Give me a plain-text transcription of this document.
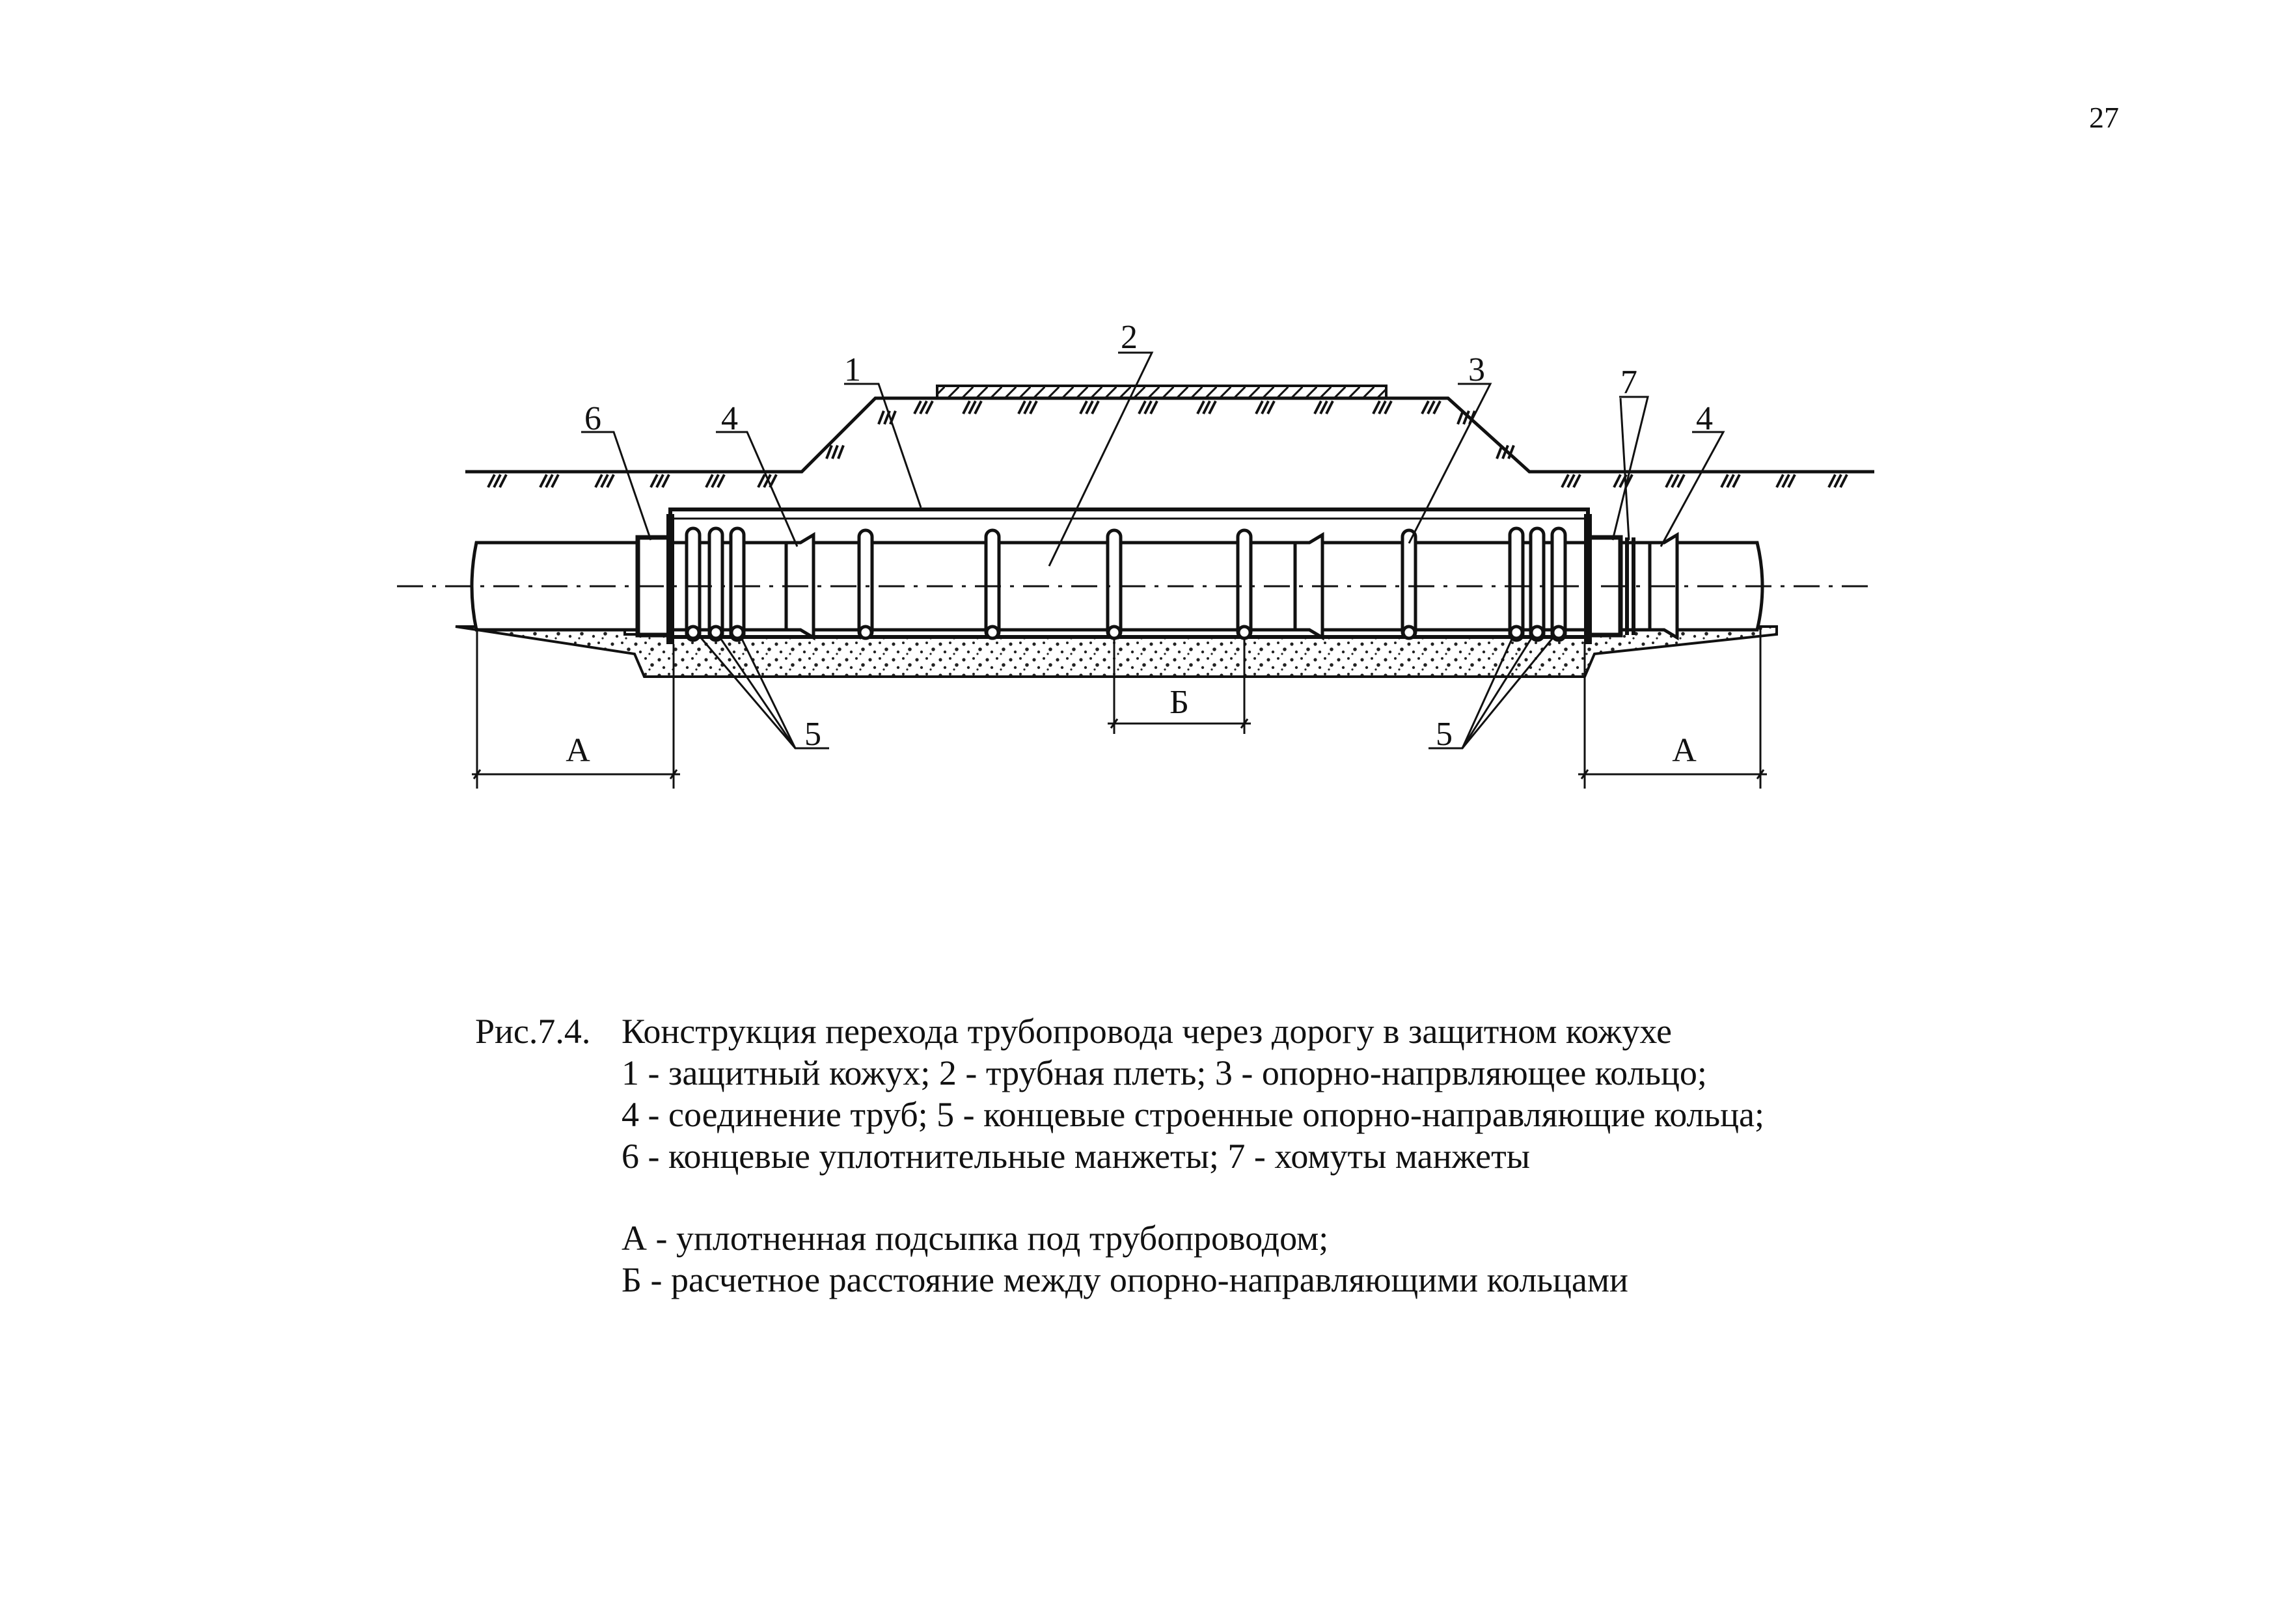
27
1
2
3
4	4
6
7
5	5
А	А
Б
Рис.7.4. Конструкция перехода трубопровода через дорогу в защитном кожухе
1 - защитный кожух; 2 - трубная плеть; 3 - опорно-напрвляющее кольцо;
4 - соединение труб; 5 - концевые строенные опорно-направляющие кольца;
6 - концевые уплотнительные манжеты; 7 - хомуты манжеты
А - уплотненная подсыпка под трубопроводом;
Б - расчетное расстояние между опорно-направляющими кольцами
